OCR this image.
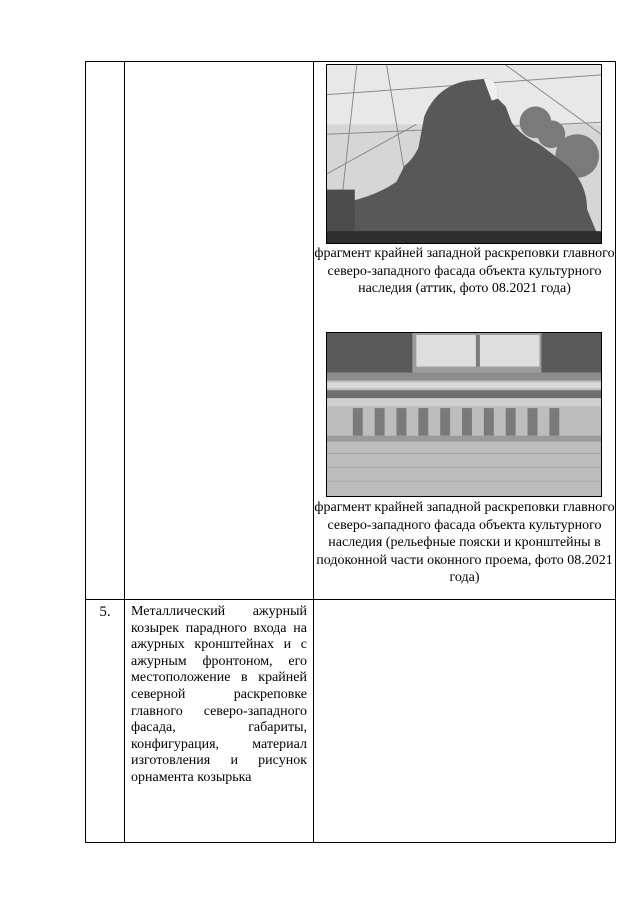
фрагмент крайней западной раскреповки главного северо-западного фасада объекта культурного наследия (аттик, фото 08.2021 года)
фрагмент крайней западной раскреповки главного северо-западного фасада объекта культурного наследия (рельефные пояски и кронштейны в подоконной части оконного проема, фото 08.2021 года)
5.	Металлический ажурный козырек парадного входа на ажурных кронштейнах и с ажурным фронтоном, его местоположение в крайней северной раскреповке главного северо-западного фасада, габариты, конфигурация, материал изготовления и рисунок орнамента козырька
